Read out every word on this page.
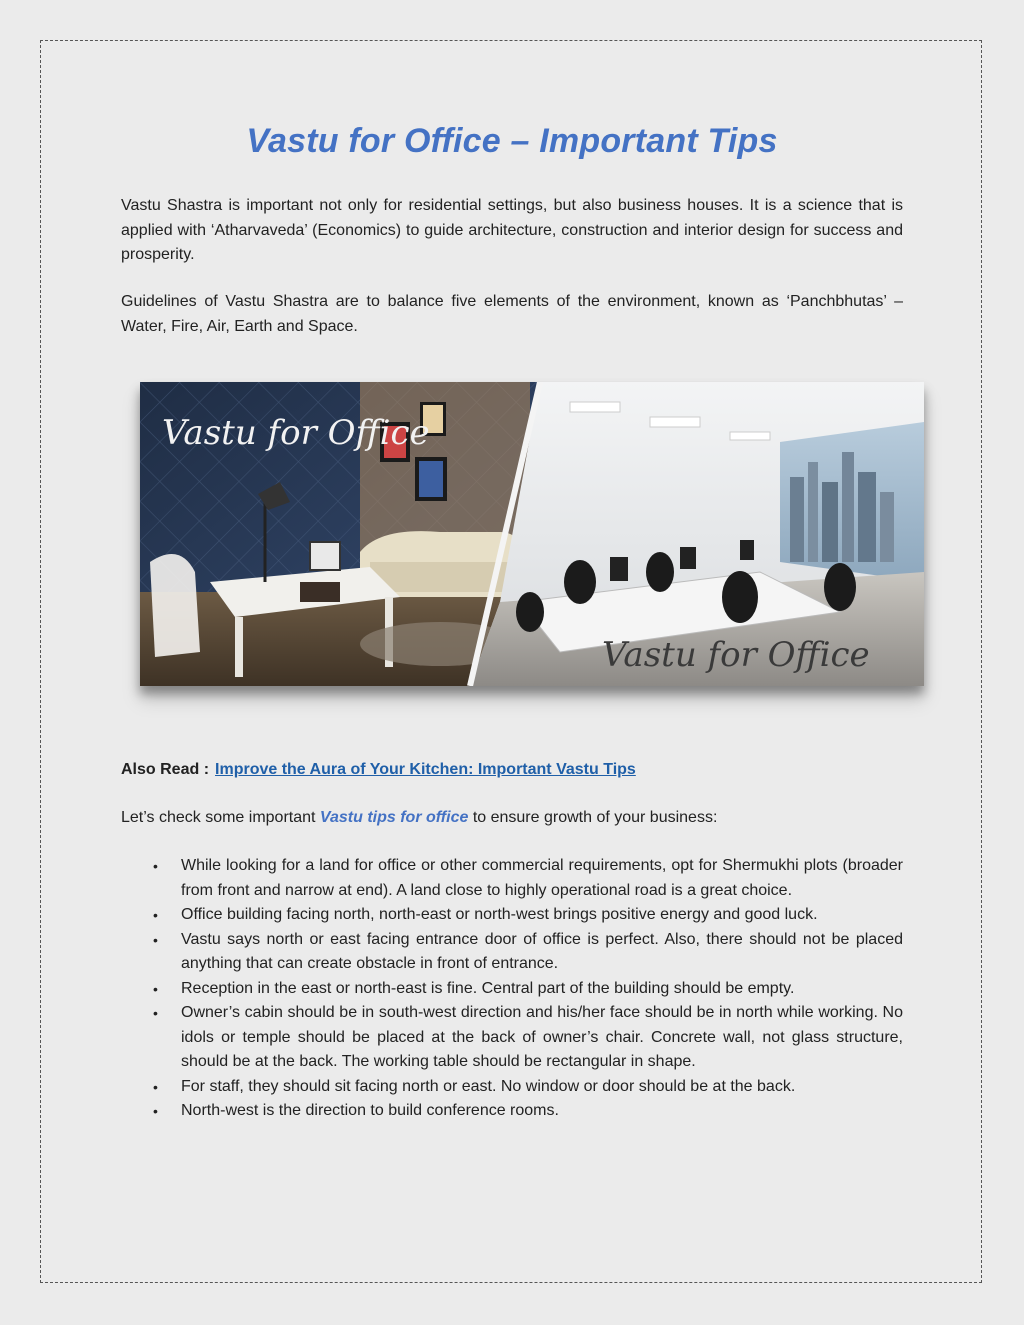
Vastu for Office – Important Tips

Vastu Shastra is important not only for residential settings, but also business houses. It is a science that is applied with ‘Atharvaveda’ (Economics) to guide architecture, construction and interior design for success and prosperity.

Guidelines of Vastu Shastra are to balance five elements of the environment, known as ‘Panchbhutas’ – Water, Fire, Air, Earth and Space.

Also Read : Improve the Aura of Your Kitchen: Important Vastu Tips
Let’s check some important Vastu tips for office to ensure growth of your business:
• While looking for a land for office or other commercial requirements, opt for Shermukhi plots (broader from front and narrow at end). A land close to highly operational road is a great choice.
• Office building facing north, north-east or north-west brings positive energy and good luck.
• Vastu says north or east facing entrance door of office is perfect. Also, there should not be placed anything that can create obstacle in front of entrance.
• Reception in the east or north-east is fine. Central part of the building should be empty.
• Owner’s cabin should be in south-west direction and his/her face should be in north while working. No idols or temple should be placed at the back of owner’s chair. Concrete wall, not glass structure, should be at the back. The working table should be rectangular in shape.
• For staff, they should sit facing north or east. No window or door should be at the back.
• North-west is the direction to build conference rooms.
Vastu for Office
Vastu for Office
